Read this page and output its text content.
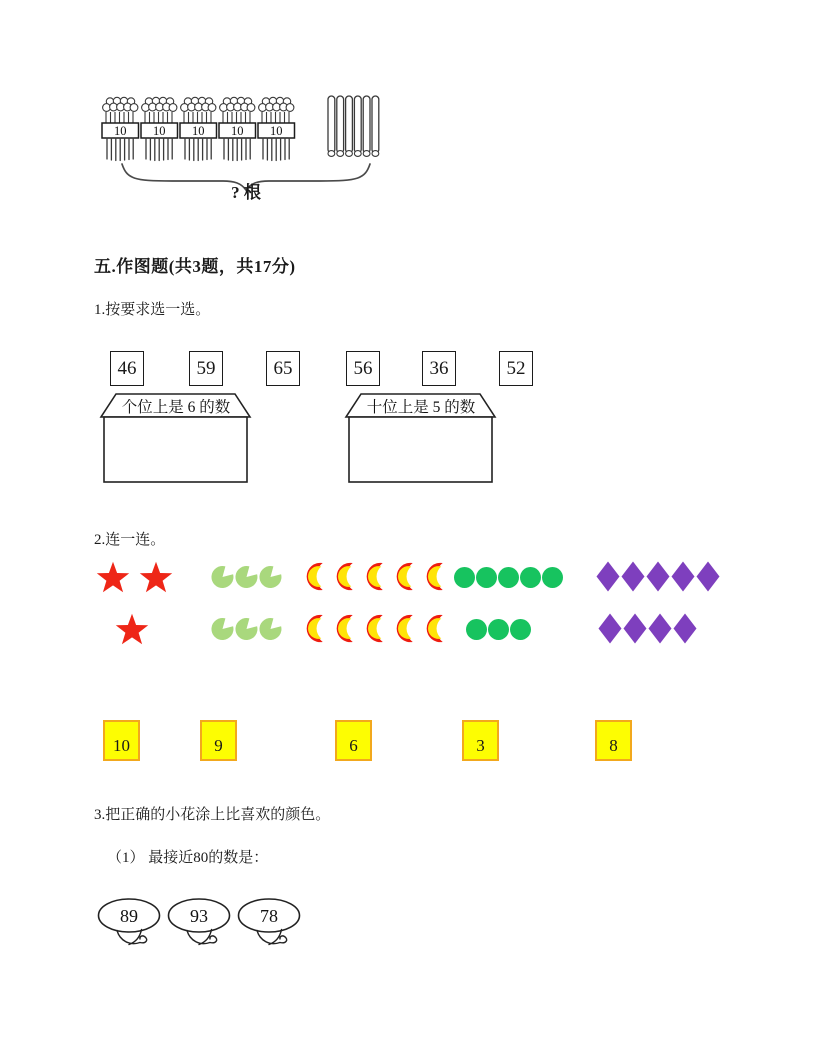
10 10 10 10 10
? 根
五.作图题(共3题，共17分)
1.按要求选一选。
46	59	65	56	36	52
个位上是 6 的数	十位上是 5 的数
2.连一连。
10	9	6	3	8
3.把正确的小花涂上比喜欢的颜色。
（1） 最接近80的数是：
89	93	78
